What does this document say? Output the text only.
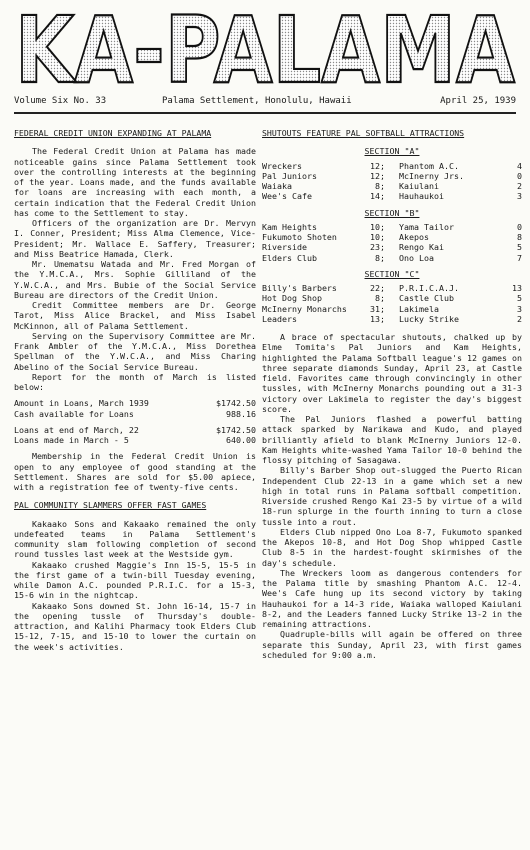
KA-PALAMA
Volume Six No. 33	Palama Settlement, Honolulu, Hawaii	April 25, 1939
FEDERAL CREDIT UNION EXPANDING AT PALAMA

The Federal Credit Union at Palama has made noticeable gains since Palama Settlement took over the controlling interests at the beginning of the year. Loans made, and the funds available for loans are increasing with each month, a certain indication that the Federal Credit Union has come to the Settlement to stay.

Officers of the organization are Dr. Mervyn I. Conner, President; Miss Alma Clemence, Vice-President; Mr. Wallace E. Saffery, Treasurer; and Miss Beatrice Hamada, Clerk.

Mr. Umematsu Watada and Mr. Fred Morgan of the Y.M.C.A., Mrs. Sophie Gilliland of the Y.W.C.A., and Mrs. Bubie of the Social Service Bureau are directors of the Credit Union.

Credit Committee members are Dr. George Tarot, Miss Alice Brackel, and Miss Isabel McKinnon, all of Palama Settlement.

Serving on the Supervisory Committee are Mr. Frank Ambler of the Y.M.C.A., Miss Dorethea Spellman of the Y.W.C.A., and Miss Charing Abelino of the Social Service Bureau.

Report for the month of March is listed below:

Amount in Loans, March 1939	$1742.50
Cash available for Loans	988.16
Loans at end of March, 22	$1742.50
Loans made in March - 5	640.00

Membership in the Federal Credit Union is open to any employee of good standing at the Settlement. Shares are sold for $5.00 apiece, with a registration fee of twenty-five cents.

PAL COMMUNITY SLAMMERS OFFER FAST GAMES

Kakaako Sons and Kakaako remained the only undefeated teams in Palama Settlement's community slam following completion of second round tussles last week at the Westside gym.

Kakaako crushed Maggie's Inn 15-5, 15-5 in the first game of a twin-bill Tuesday evening, while Damon A.C. pounded P.R.I.C. for a 15-3, 15-6 win in the nightcap.

Kakaako Sons downed St. John 16-14, 15-7 in the opening tussle of Thursday's double-attraction, and Kalihi Pharmacy took Elders Club 15-12, 7-15, and 15-10 to lower the curtain on the week's activities.

SHUTOUTS FEATURE PAL SOFTBALL ATTRACTIONS
SECTION "A"
Wreckers	12;	Phantom A.C.	4
Pal Juniors	12;	McInerny Jrs.	0
Waiaka	8;	Kaiulani	2
Wee's Cafe	14;	Hauhaukoi	3
SECTION "B"
Kam Heights	10;	Yama Tailor	0
Fukumoto Shoten	10;	Akepos	8
Riverside	23;	Rengo Kai	5
Elders Club	8;	Ono Loa	7
SECTION "C"
Billy's Barbers	22;	P.R.I.C.A.J.	13
Hot Dog Shop	8;	Castle Club	5
McInerny Monarchs	31;	Lakimela	3
Leaders	13;	Lucky Strike	2

A brace of spectacular shutouts, chalked up by Elme Tomita's Pal Juniors and Kam Heights, highlighted the Palama Softball league's 12 games on three separate diamonds Sunday, April 23, at Castle field. Favorites came through convincingly in other tussles, with McInerny Monarchs pounding out a 31-3 victory over Lakimela to register the day's biggest score.

The Pal Juniors flashed a powerful batting attack sparked by Narikawa and Kudo, and played brilliantly afield to blank McInerny Juniors 12-0. Kam Heights white-washed Yama Tailor 10-0 behind the flossy pitching of Sasagawa.

Billy's Barber Shop out-slugged the Puerto Rican Independent Club 22-13 in a game which set a new high in total runs in Palama softball competition. Riverside crushed Rengo Kai 23-5 by virtue of a wild 18-run splurge in the fourth inning to turn a close tussle into a rout.

Elders Club nipped Ono Loa 8-7, Fukumoto spanked the Akepos 10-8, and Hot Dog Shop whipped Castle Club 8-5 in the hardest-fought skirmishes of the day's schedule.

The Wreckers loom as dangerous contenders for the Palama title by smashing Phantom A.C. 12-4. Wee's Cafe hung up its second victory by taking Hauhaukoi for a 14-3 ride, Waiaka walloped Kaiulani 8-2, and the Leaders fanned Lucky Strike 13-2 in the remaining attractions.

Quadruple-bills will again be offered on three separate this Sunday, April 23, with first games scheduled for 9:00 a.m.
